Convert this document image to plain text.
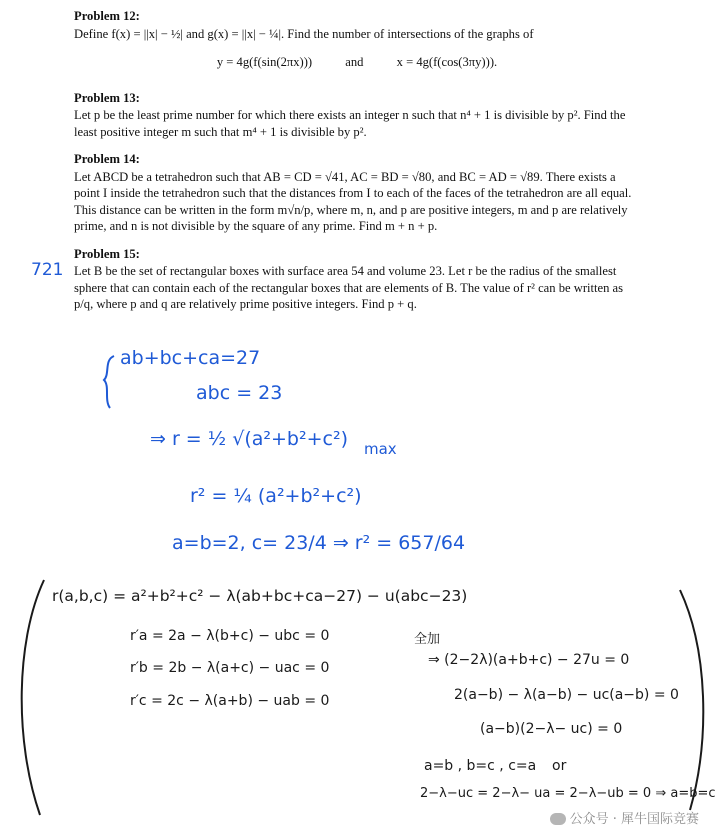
Problem 12:

Define f(x) = ||x| − ½| and g(x) = ||x| − ¼|. Find the number of intersections of the graphs of

y = 4g(f(sin(2πx)))	and	x = 4g(f(cos(3πy))).

Problem 13:

Let p be the least prime number for which there exists an integer n such that n⁴ + 1 is divisible by p². Find the least positive integer m such that m⁴ + 1 is divisible by p².

Problem 14:

Let ABCD be a tetrahedron such that AB = CD = √41, AC = BD = √80, and BC = AD = √89. There exists a point I inside the tetrahedron such that the distances from I to each of the faces of the tetrahedron are all equal. This distance can be written in the form m√n/p, where m, n, and p are positive integers, m and p are relatively prime, and n is not divisible by the square of any prime. Find m + n + p.

Problem 15:

Let B be the set of rectangular boxes with surface area 54 and volume 23. Let r be the radius of the smallest sphere that can contain each of the rectangular boxes that are elements of B. The value of r² can be written as p/q, where p and q are relatively prime positive integers. Find p + q.

721
ab+bc+ca=27
abc = 23
⇒ r = ½ √(a²+b²+c²) max
r² = ¼ (a²+b²+c²)
a=b=2, c= 23/4 ⇒ r² = 657/64
r(a,b,c) = a²+b²+c² − λ(ab+bc+ca−27) − u(abc−23)
r′a = 2a − λ(b+c) − ubc = 0
r′b = 2b − λ(a+c) − uac = 0
r′c = 2c − λ(a+b) − uab = 0
全加
⇒ (2−2λ)(a+b+c) − 27u = 0
2(a−b) − λ(a−b) − uc(a−b) = 0
(a−b)(2−λ− uc) = 0
a=b , b=c , c=a or
2−λ−uc = 2−λ− ua = 2−λ−ub = 0 ⇒ a=b=c
公众号 · 犀牛国际竞赛
